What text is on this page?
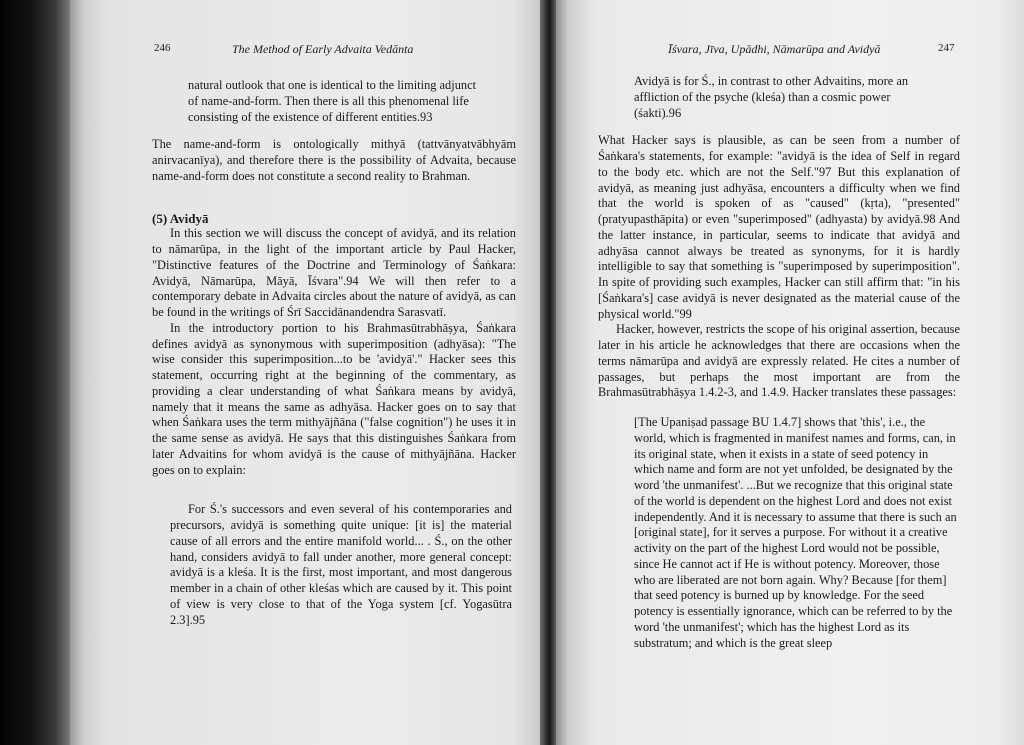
246	The Method of Early Advaita Vedānta

natural outlook that one is identical to the limiting adjunct of name-and-form. Then there is all this phenomenal life consisting of the existence of different entities.93

The name-and-form is ontologically mithyā (tattvānyatvābhyām anirvacanīya), and therefore there is the possibility of Advaita, because name-and-form does not constitute a second reality to Brahman.

(5) Avidyā

In this section we will discuss the concept of avidyā, and its relation to nāmarūpa, in the light of the important article by Paul Hacker, "Distinctive features of the Doctrine and Terminology of Śaṅkara: Avidyā, Nāmarūpa, Māyā, Īśvara".94 We will then refer to a contemporary debate in Advaita circles about the nature of avidyā, as can be found in the writings of Śrī Saccidānandendra Sarasvatī.

In the introductory portion to his Brahmasūtrabhāṣya, Śaṅkara defines avidyā as synonymous with superimposition (adhyāsa): "The wise consider this superimposition...to be 'avidyā'." Hacker sees this statement, occurring right at the beginning of the commentary, as providing a clear understanding of what Śaṅkara means by avidyā, namely that it means the same as adhyāsa. Hacker goes on to say that when Śaṅkara uses the term mithyājñāna ("false cognition") he uses it in the same sense as avidyā. He says that this distinguishes Śaṅkara from later Advaitins for whom avidyā is the cause of mithyājñāna. Hacker goes on to explain:

For Ś.'s successors and even several of his contemporaries and precursors, avidyā is something quite unique: [it is] the material cause of all errors and the entire manifold world... . Ś., on the other hand, considers avidyā to fall under another, more general concept: avidyā is a kleśa. It is the first, most important, and most dangerous member in a chain of other kleśas which are caused by it. This point of view is very close to that of the Yoga system [cf. Yogasūtra 2.3].95

Īśvara, Jīva, Upādhi, Nāmarūpa and Avidyā	247

Avidyā is for Ś., in contrast to other Advaitins, more an affliction of the psyche (kleśa) than a cosmic power (śakti).96

What Hacker says is plausible, as can be seen from a number of Śaṅkara's statements, for example: "avidyā is the idea of Self in regard to the body etc. which are not the Self."97 But this explanation of avidyā, as meaning just adhyāsa, encounters a difficulty when we find that the world is spoken of as "caused" (kṛta), "presented" (pratyupasthāpita) or even "superimposed" (adhyasta) by avidyā.98 And the latter instance, in particular, seems to indicate that avidyā and adhyāsa cannot always be treated as synonyms, for it is hardly intelligible to say that something is "superimposed by superimposition". In spite of providing such examples, Hacker can still affirm that: "in his [Śaṅkara's] case avidyā is never designated as the material cause of the physical world."99

Hacker, however, restricts the scope of his original assertion, because later in his article he acknowledges that there are occasions when the terms nāmarūpa and avidyā are expressly related. He cites a number of passages, but perhaps the most important are from the Brahmasūtrabhāṣya 1.4.2-3, and 1.4.9. Hacker translates these passages:

[The Upaniṣad passage BU 1.4.7] shows that 'this', i.e., the world, which is fragmented in manifest names and forms, can, in its original state, when it exists in a state of seed potency in which name and form are not yet unfolded, be designated by the word 'the unmanifest'. ...But we recognize that this original state of the world is dependent on the highest Lord and does not exist independently. And it is necessary to assume that there is such an [original state], for it serves a purpose. For without it a creative activity on the part of the highest Lord would not be possible, since He cannot act if He is without potency. Moreover, those who are liberated are not born again. Why? Because [for them] that seed potency is burned up by knowledge. For the seed potency is essentially ignorance, which can be referred to by the word 'the unmanifest'; which has the highest Lord as its substratum; and which is the great sleep
